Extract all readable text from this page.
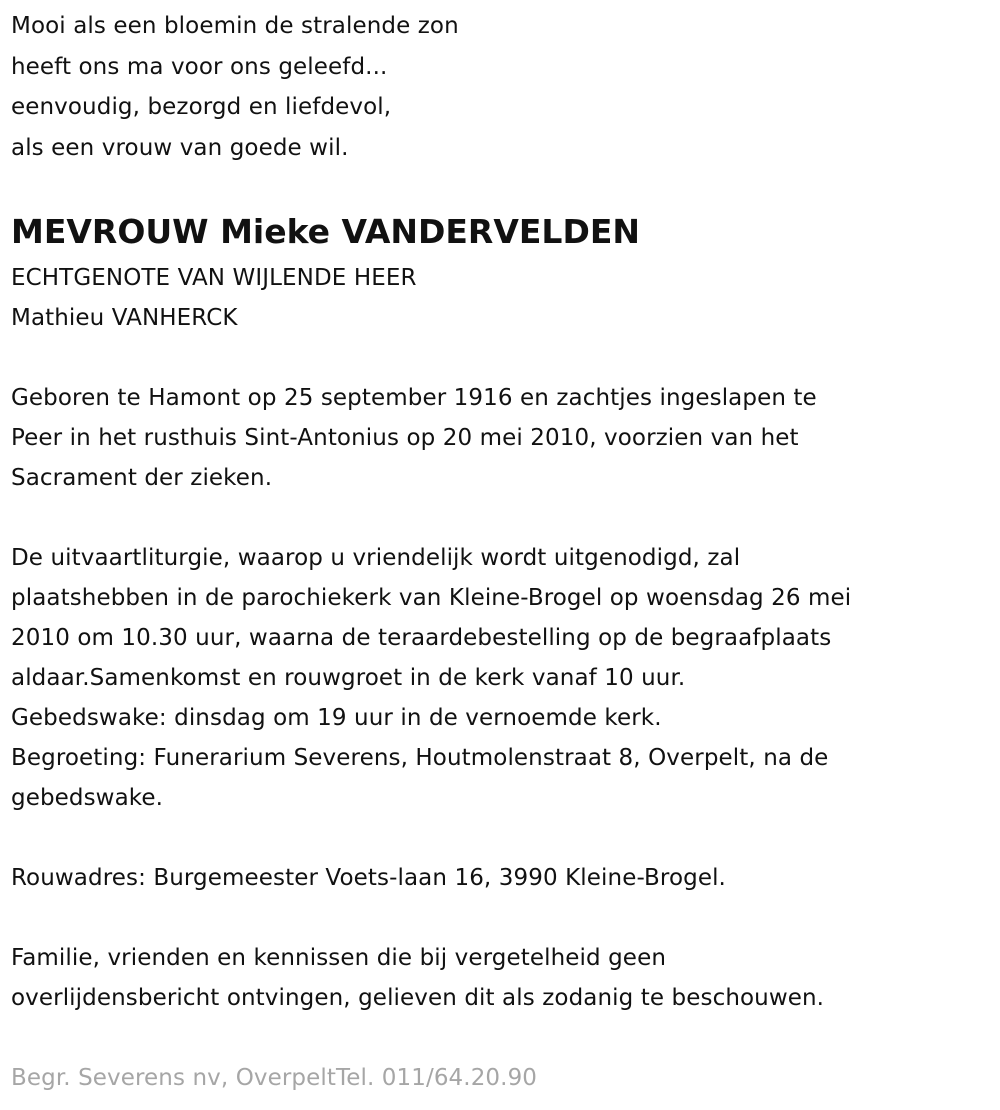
Mooi als een bloemin de stralende zon
heeft ons ma voor ons geleefd...
eenvoudig, bezorgd en liefdevol,
als een vrouw van goede wil.
MEVROUW Mieke VANDERVELDEN
ECHTGENOTE VAN WIJLENDE HEER
Mathieu VANHERCK
Geboren te Hamont op 25 september 1916 en zachtjes ingeslapen te
Peer in het rusthuis Sint-Antonius op 20 mei 2010, voorzien van het
Sacrament der zieken.
De uitvaartliturgie, waarop u vriendelijk wordt uitgenodigd, zal
plaatshebben in de parochiekerk van Kleine-Brogel op woensdag 26 mei
2010 om 10.30 uur, waarna de teraardebestelling op de begraafplaats
aldaar.Samenkomst en rouwgroet in de kerk vanaf 10 uur.
Gebedswake: dinsdag om 19 uur in de vernoemde kerk.
Begroeting: Funerarium Severens, Houtmolenstraat 8, Overpelt, na de
gebedswake.
Rouwadres: Burgemeester Voets-laan 16, 3990 Kleine-Brogel.
Familie, vrienden en kennissen die bij vergetelheid geen
overlijdensbericht ontvingen, gelieven dit als zodanig te beschouwen.
Begr. Severens nv, OverpeltTel. 011/64.20.90
